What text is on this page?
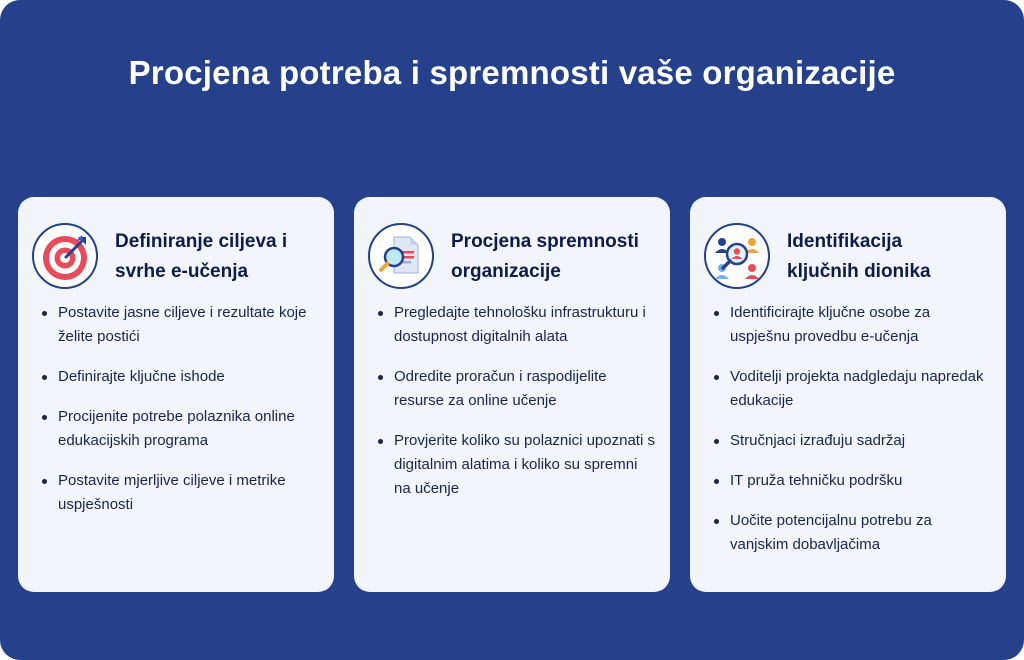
Procjena potreba i spremnosti vaše organizacije
Definiranje ciljeva i
svrhe e-učenja
Postavite jasne ciljeve i rezultate koje želite postići
Definirajte ključne ishode
Procijenite potrebe polaznika online edukacijskih programa
Postavite mjerljive ciljeve i metrike uspješnosti
Procjena spremnosti
organizacije
Pregledajte tehnološku infrastrukturu i dostupnost digitalnih alata
Odredite proračun i raspodijelite resurse za online učenje
Provjerite koliko su polaznici upoznati s digitalnim alatima i koliko su spremni na učenje
Identifikacija
ključnih dionika
Identificirajte ključne osobe za uspješnu provedbu e-učenja
Voditelji projekta nadgledaju napredak edukacije
Stručnjaci izrađuju sadržaj
IT pruža tehničku podršku
Uočite potencijalnu potrebu za vanjskim dobavljačima
